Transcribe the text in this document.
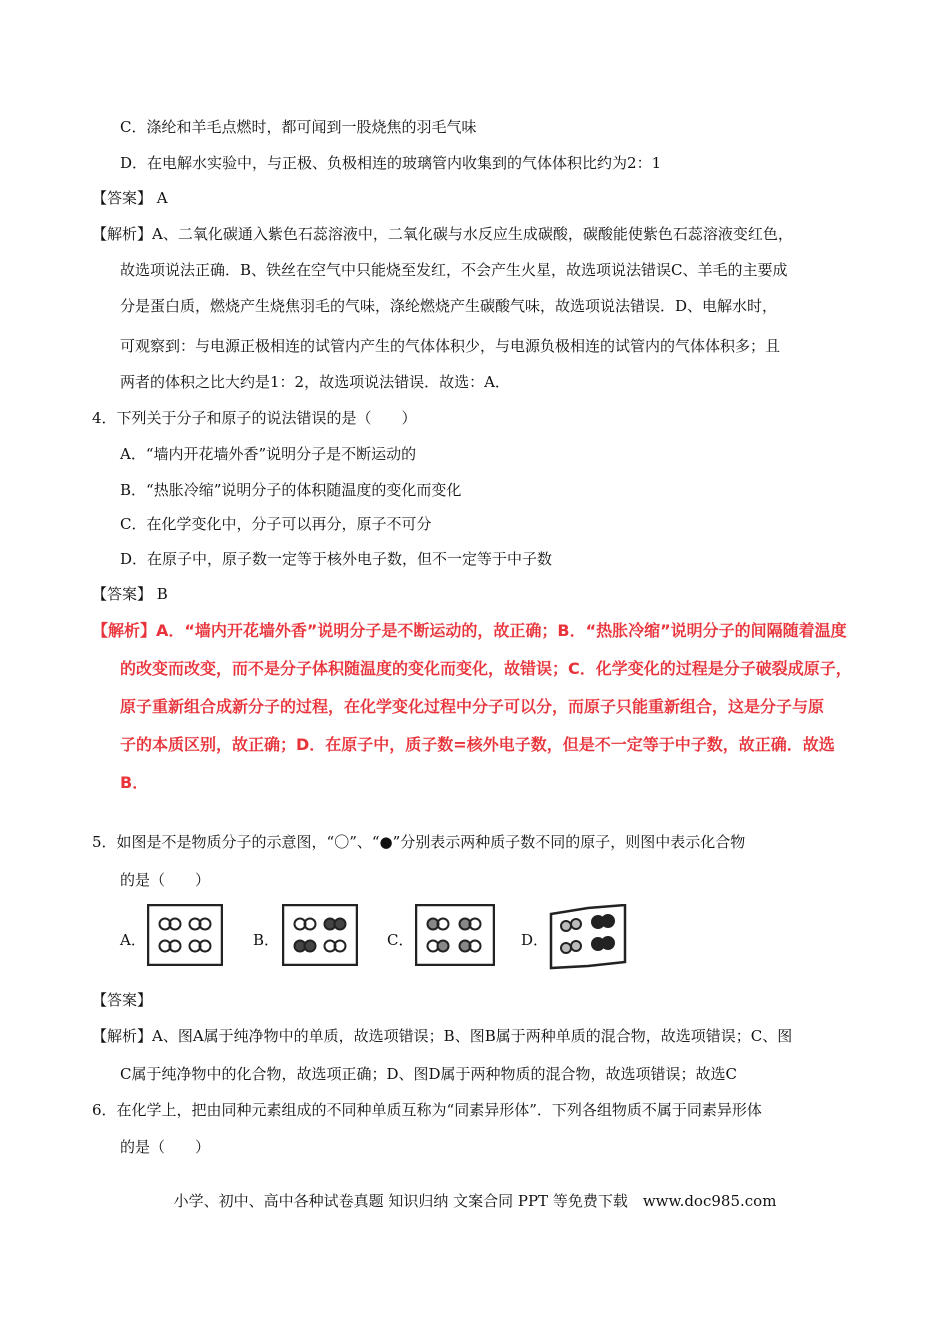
C．涤纶和羊毛点燃时，都可闻到一股烧焦的羽毛气味
D．在电解水实验中，与正极、负极相连的玻璃管内收集到的气体体积比约为2：1
【答案】 A
【解析】A、二氧化碳通入紫色石蕊溶液中，二氧化碳与水反应生成碳酸，碳酸能使紫色石蕊溶液变红色，
故选项说法正确．B、铁丝在空气中只能烧至发红，不会产生火星，故选项说法错误C、羊毛的主要成
分是蛋白质，燃烧产生烧焦羽毛的气味，涤纶燃烧产生碳酸气味，故选项说法错误．D、电解水时，
可观察到：与电源正极相连的试管内产生的气体体积少，与电源负极相连的试管内的气体体积多；且
两者的体积之比大约是1：2，故选项说法错误．故选：A．
4．下列关于分子和原子的说法错误的是（　　）
A．“墙内开花墙外香”说明分子是不断运动的
B．“热胀冷缩”说明分子的体积随温度的变化而变化
C．在化学变化中，分子可以再分，原子不可分
D．在原子中，原子数一定等于核外电子数，但不一定等于中子数
【答案】 B
【解析】A．“墙内开花墙外香”说明分子是不断运动的，故正确；B．“热胀冷缩”说明分子的间隔随着温度
的改变而改变，而不是分子体积随温度的变化而变化，故错误；C．化学变化的过程是分子破裂成原子，
原子重新组合成新分子的过程，在化学变化过程中分子可以分，而原子只能重新组合，这是分子与原
子的本质区别，故正确；D．在原子中，质子数=核外电子数，但是不一定等于中子数，故正确．故选
B．
5．如图是不是物质分子的示意图，“〇”、“●”分别表示两种质子数不同的原子，则图中表示化合物
的是（　　）
A．	B．	C．	D．
【答案】
【解析】A、图A属于纯净物中的单质，故选项错误；B、图B属于两种单质的混合物，故选项错误；C、图
C属于纯净物中的化合物，故选项正确；D、图D属于两种物质的混合物，故选项错误；故选C
6．在化学上，把由同种元素组成的不同种单质互称为“同素异形体”．下列各组物质不属于同素异形体
的是（　　）
小学、初中、高中各种试卷真题 知识归纳 文案合同 PPT 等免费下载　www.doc985.com
